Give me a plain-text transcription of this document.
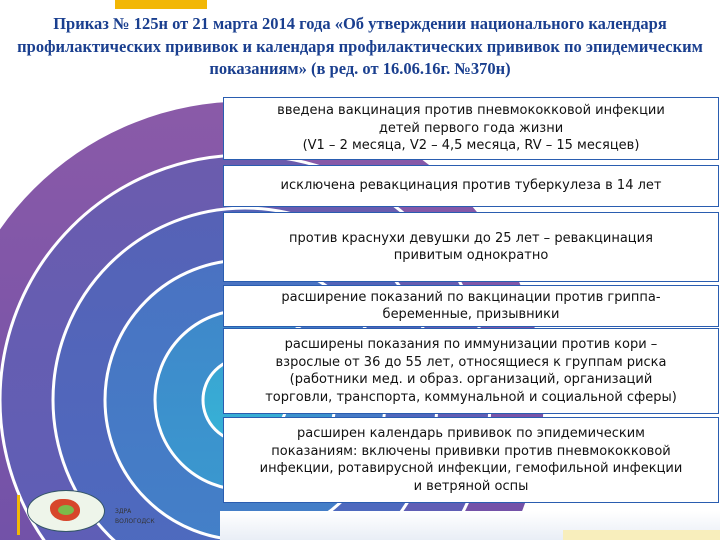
Приказ № 125н от 21 марта 2014 года «Об утверждении национального календаря профилактических прививок и календаря профилактических прививок по эпидемическим показаниям» (в ред. от 16.06.16г. №370н)
введена вакцинация против пневмококковой инфекции
детей первого года жизни
(V1 – 2 месяца, V2 – 4,5 месяца, RV – 15 месяцев)
исключена ревакцинация против туберкулеза в 14 лет
против краснухи девушки до 25 лет – ревакцинация
привитым однократно
расширение показаний по вакцинации против гриппа-
беременные, призывники
расширены показания по иммунизации против кори –
взрослые от 36 до 55 лет, относящиеся к группам риска
(работники мед. и образ. организаций, организаций
торговли, транспорта, коммунальной и социальной сферы)
расширен календарь прививок по эпидемическим
показаниям: включены прививки против пневмококковой
инфекции, ротавирусной инфекции, гемофильной инфекции
и ветряной оспы
ЗДРА
ВОЛОГОДСК
